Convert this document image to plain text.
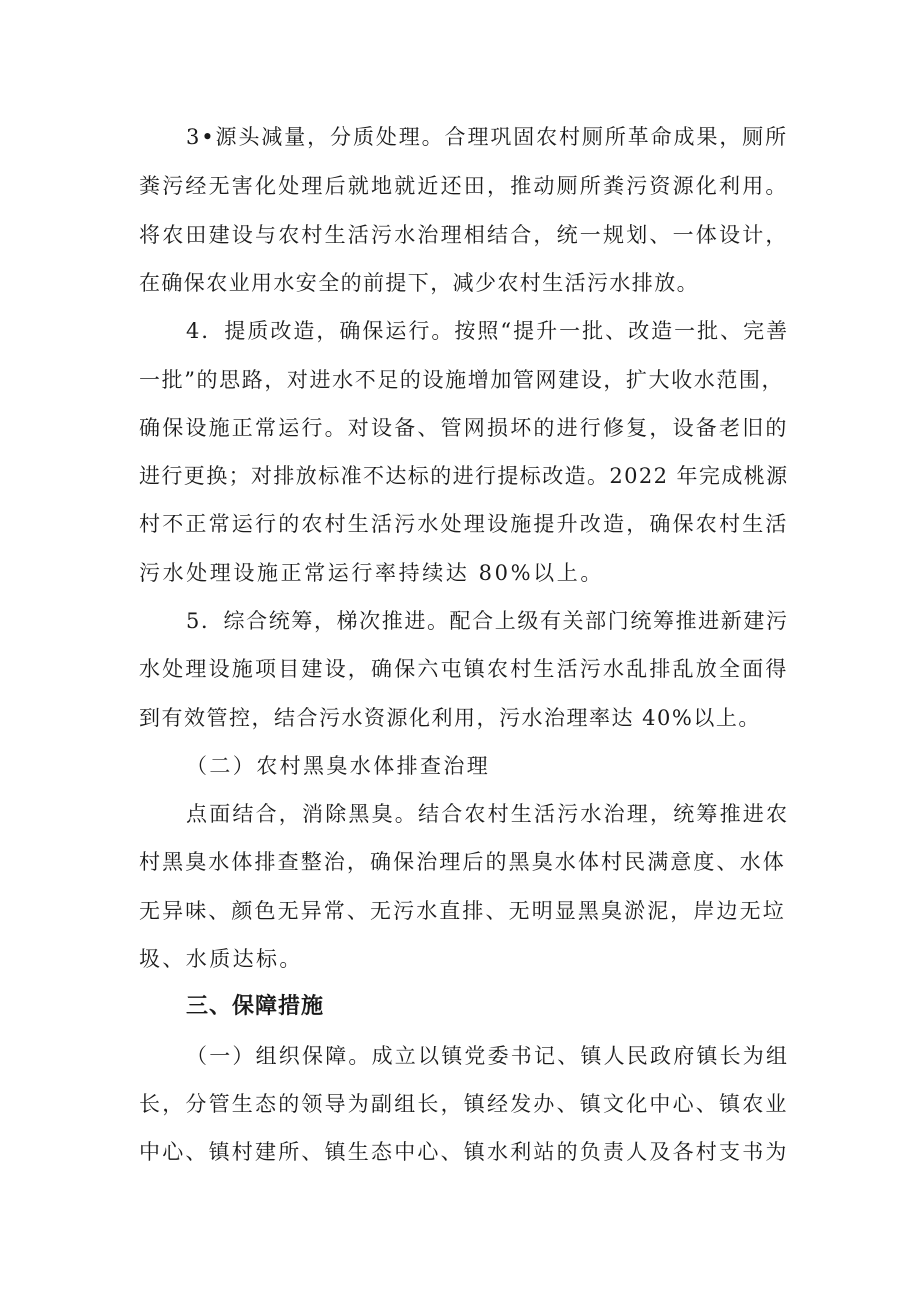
3•源头减量，分质处理。合理巩固农村厕所革命成果，厕所
粪污经无害化处理后就地就近还田，推动厕所粪污资源化利用。
将农田建设与农村生活污水治理相结合，统一规划、一体设计，
在确保农业用水安全的前提下，减少农村生活污水排放。
4．提质改造，确保运行。按照“提升一批、改造一批、完善
一批”的思路，对进水不足的设施增加管网建设，扩大收水范围，
确保设施正常运行。对设备、管网损坏的进行修复，设备老旧的
进行更换；对排放标准不达标的进行提标改造。2022 年完成桃源
村不正常运行的农村生活污水处理设施提升改造，确保农村生活
污水处理设施正常运行率持续达 80%以上。
5．综合统筹，梯次推进。配合上级有关部门统筹推进新建污
水处理设施项目建设，确保六屯镇农村生活污水乱排乱放全面得
到有效管控，结合污水资源化利用，污水治理率达 40%以上。
（二）农村黑臭水体排查治理
点面结合，消除黑臭。结合农村生活污水治理，统筹推进农
村黑臭水体排查整治，确保治理后的黑臭水体村民满意度、水体
无异味、颜色无异常、无污水直排、无明显黑臭淤泥，岸边无垃
圾、水质达标。
三、保障措施
（一）组织保障。成立以镇党委书记、镇人民政府镇长为组
长，分管生态的领导为副组长，镇经发办、镇文化中心、镇农业
中心、镇村建所、镇生态中心、镇水利站的负责人及各村支书为
